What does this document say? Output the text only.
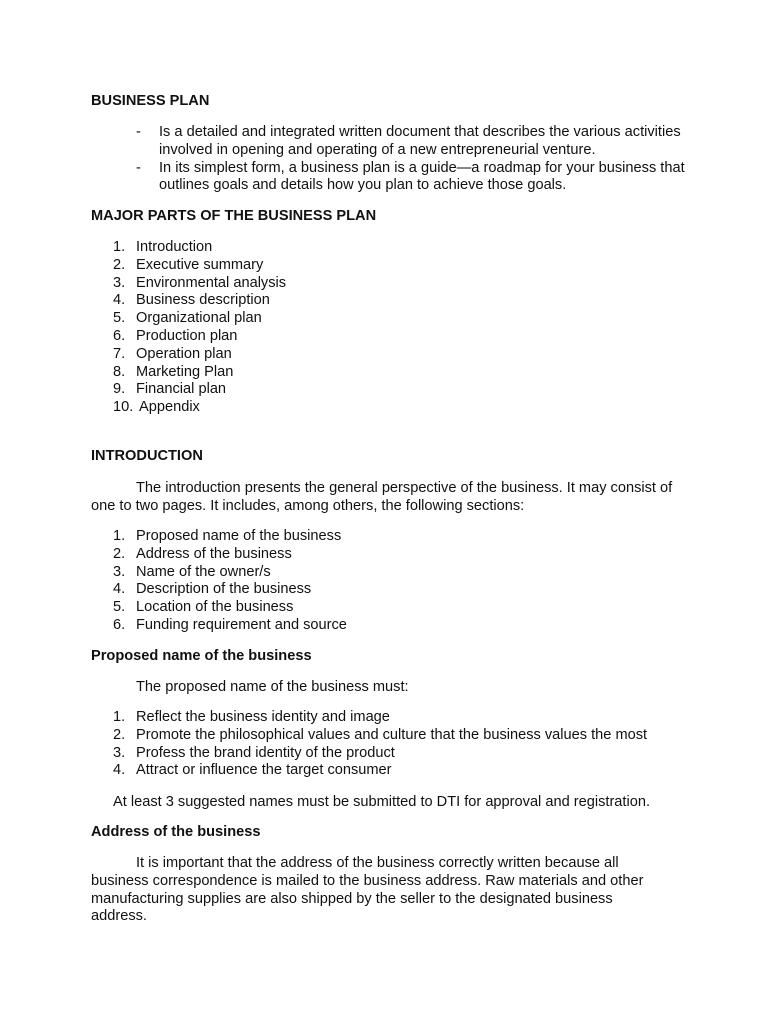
BUSINESS PLAN
- Is a detailed and integrated written document that describes the various activities involved in opening and operating of a new entrepreneurial venture.
- In its simplest form, a business plan is a guide—a roadmap for your business that outlines goals and details how you plan to achieve those goals.
MAJOR PARTS OF THE BUSINESS PLAN
1. Introduction
2. Executive summary
3. Environmental analysis
4. Business description
5. Organizational plan
6. Production plan
7. Operation plan
8. Marketing Plan
9. Financial plan
10. Appendix
INTRODUCTION
The introduction presents the general perspective of the business. It may consist of one to two pages. It includes, among others, the following sections:
1. Proposed name of the business
2. Address of the business
3. Name of the owner/s
4. Description of the business
5. Location of the business
6. Funding requirement and source
Proposed name of the business
The proposed name of the business must:
1. Reflect the business identity and image
2. Promote the philosophical values and culture that the business values the most
3. Profess the brand identity of the product
4. Attract or influence the target consumer
At least 3 suggested names must be submitted to DTI for approval and registration.
Address of the business
It is important that the address of the business correctly written because all business correspondence is mailed to the business address. Raw materials and other manufacturing supplies are also shipped by the seller to the designated business address.
